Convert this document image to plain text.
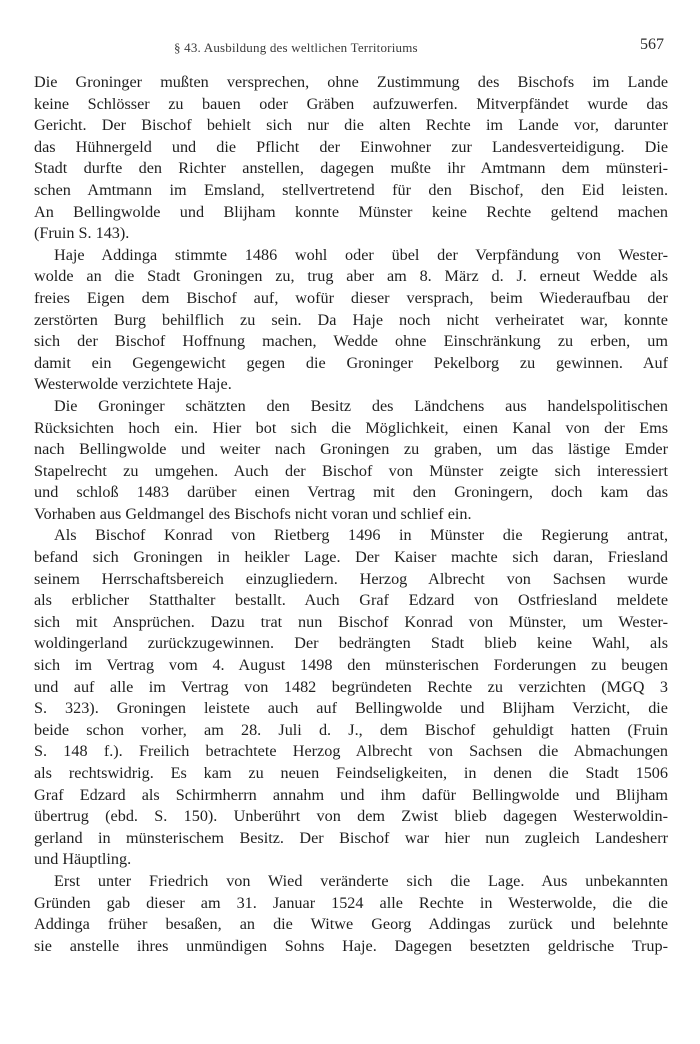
§ 43. Ausbildung des weltlichen Territoriums	567
Die Groninger mußten versprechen, ohne Zustimmung des Bischofs im Lande
keine Schlösser zu bauen oder Gräben aufzuwerfen. Mitverpfändet wurde das
Gericht. Der Bischof behielt sich nur die alten Rechte im Lande vor, darunter
das Hühnergeld und die Pflicht der Einwohner zur Landesverteidigung. Die
Stadt durfte den Richter anstellen, dagegen mußte ihr Amtmann dem münsteri-
schen Amtmann im Emsland, stellvertretend für den Bischof, den Eid leisten.
An Bellingwolde und Blijham konnte Münster keine Rechte geltend machen
(Fruin S. 143).
Haje Addinga stimmte 1486 wohl oder übel der Verpfändung von Wester-
wolde an die Stadt Groningen zu, trug aber am 8. März d. J. erneut Wedde als
freies Eigen dem Bischof auf, wofür dieser versprach, beim Wiederaufbau der
zerstörten Burg behilflich zu sein. Da Haje noch nicht verheiratet war, konnte
sich der Bischof Hoffnung machen, Wedde ohne Einschränkung zu erben, um
damit ein Gegengewicht gegen die Groninger Pekelborg zu gewinnen. Auf
Westerwolde verzichtete Haje.
Die Groninger schätzten den Besitz des Ländchens aus handelspolitischen
Rücksichten hoch ein. Hier bot sich die Möglichkeit, einen Kanal von der Ems
nach Bellingwolde und weiter nach Groningen zu graben, um das lästige Emder
Stapelrecht zu umgehen. Auch der Bischof von Münster zeigte sich interessiert
und schloß 1483 darüber einen Vertrag mit den Groningern, doch kam das
Vorhaben aus Geldmangel des Bischofs nicht voran und schlief ein.
Als Bischof Konrad von Rietberg 1496 in Münster die Regierung antrat,
befand sich Groningen in heikler Lage. Der Kaiser machte sich daran, Friesland
seinem Herrschaftsbereich einzugliedern. Herzog Albrecht von Sachsen wurde
als erblicher Statthalter bestallt. Auch Graf Edzard von Ostfriesland meldete
sich mit Ansprüchen. Dazu trat nun Bischof Konrad von Münster, um Wester-
woldingerland zurückzugewinnen. Der bedrängten Stadt blieb keine Wahl, als
sich im Vertrag vom 4. August 1498 den münsterischen Forderungen zu beugen
und auf alle im Vertrag von 1482 begründeten Rechte zu verzichten (MGQ 3
S. 323). Groningen leistete auch auf Bellingwolde und Blijham Verzicht, die
beide schon vorher, am 28. Juli d. J., dem Bischof gehuldigt hatten (Fruin
S. 148 f.). Freilich betrachtete Herzog Albrecht von Sachsen die Abmachungen
als rechtswidrig. Es kam zu neuen Feindseligkeiten, in denen die Stadt 1506
Graf Edzard als Schirmherrn annahm und ihm dafür Bellingwolde und Blijham
übertrug (ebd. S. 150). Unberührt von dem Zwist blieb dagegen Westerwoldin-
gerland in münsterischem Besitz. Der Bischof war hier nun zugleich Landesherr
und Häuptling.
Erst unter Friedrich von Wied veränderte sich die Lage. Aus unbekannten
Gründen gab dieser am 31. Januar 1524 alle Rechte in Westerwolde, die die
Addinga früher besaßen, an die Witwe Georg Addingas zurück und belehnte
sie anstelle ihres unmündigen Sohns Haje. Dagegen besetzten geldrische Trup-
